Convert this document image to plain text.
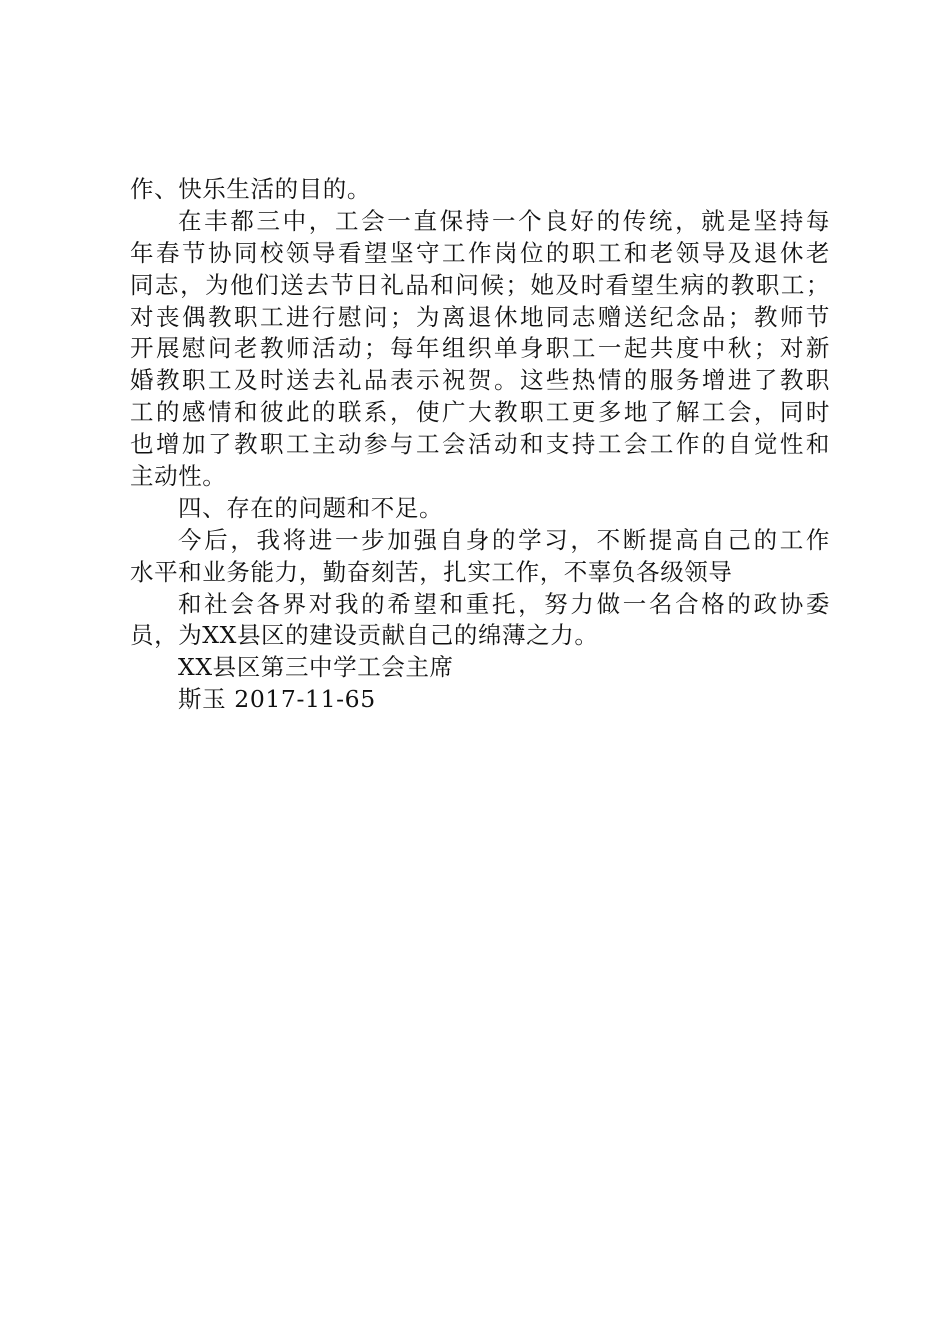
作、快乐生活的目的。
在丰都三中，工会一直保持一个良好的传统，就是坚持每
年春节协同校领导看望坚守工作岗位的职工和老领导及退休老
同志，为他们送去节日礼品和问候；她及时看望生病的教职工；
对丧偶教职工进行慰问；为离退休地同志赠送纪念品；教师节
开展慰问老教师活动；每年组织单身职工一起共度中秋；对新
婚教职工及时送去礼品表示祝贺。这些热情的服务增进了教职
工的感情和彼此的联系，使广大教职工更多地了解工会，同时
也增加了教职工主动参与工会活动和支持工会工作的自觉性和
主动性。
四、存在的问题和不足。
今后，我将进一步加强自身的学习，不断提高自己的工作
水平和业务能力，勤奋刻苦，扎实工作，不辜负各级领导
和社会各界对我的希望和重托，努力做一名合格的政协委
员，为XX县区的建设贡献自己的绵薄之力。
XX县区第三中学工会主席
斯玉 2017-11-65
